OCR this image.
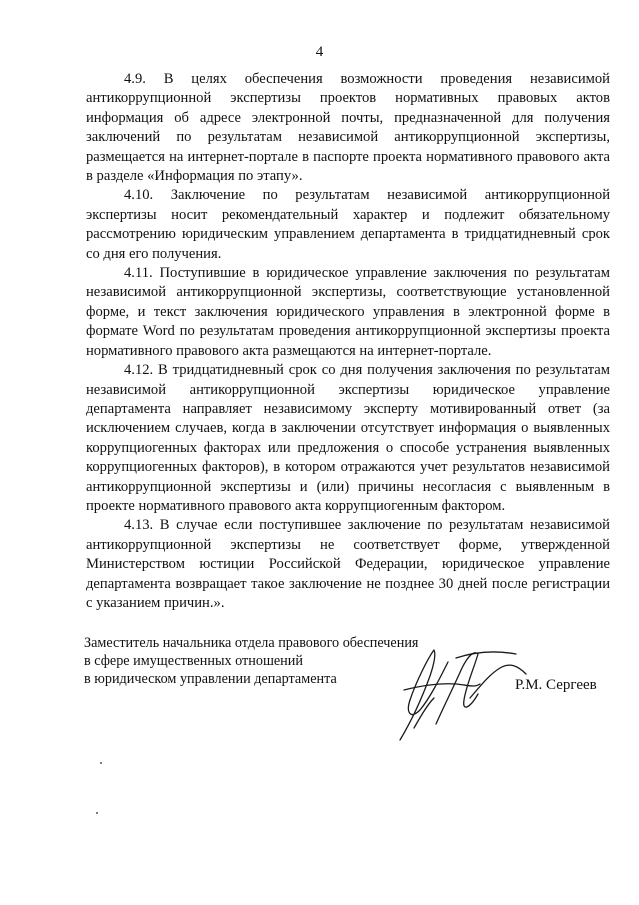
4

4.9. В целях обеспечения возможности проведения независимой антикоррупционной экспертизы проектов нормативных правовых актов информация об адресе электронной почты, предназначенной для получения заключений по результатам независимой антикоррупционной экспертизы, размещается на интернет-портале в паспорте проекта нормативного правового акта в разделе «Информация по этапу».

4.10. Заключение по результатам независимой антикоррупционной экспертизы носит рекомендательный характер и подлежит обязательному рассмотрению юридическим управлением департамента в тридцатидневный срок со дня его получения.

4.11. Поступившие в юридическое управление заключения по результатам независимой антикоррупционной экспертизы, соответствующие установленной форме, и текст заключения юридического управления в электронной форме в формате Word по результатам проведения антикоррупционной экспертизы проекта нормативного правового акта размещаются на интернет-портале.

4.12. В тридцатидневный срок со дня получения заключения по результатам независимой антикоррупционной экспертизы юридическое управление департамента направляет независимому эксперту мотивированный ответ (за исключением случаев, когда в заключении отсутствует информация о выявленных коррупциогенных факторах или предложения о способе устранения выявленных коррупциогенных факторов), в котором отражаются учет результатов независимой антикоррупционной экспертизы и (или) причины несогласия с выявленным в проекте нормативного правового акта коррупциогенным фактором.

4.13. В случае если поступившее заключение по результатам независимой антикоррупционной экспертизы не соответствует форме, утвержденной Министерством юстиции Российской Федерации, юридическое управление департамента возвращает такое заключение не позднее 30 дней после регистрации с указанием причин.».

Заместитель начальника отдела правового обеспечения
в сфере имущественных отношений
в юридическом управлении департамента	Р.М. Сергеев
